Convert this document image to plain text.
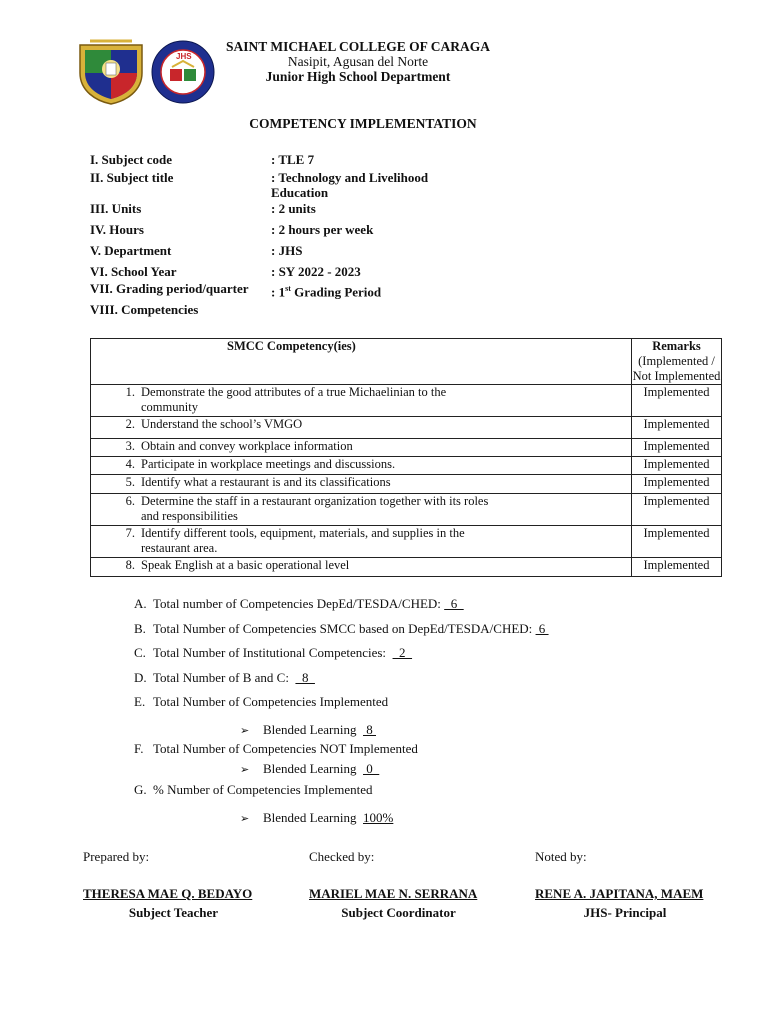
JHS
SAINT MICHAEL COLLEGE OF CARAGA
Nasipit, Agusan del Norte
Junior High School Department
COMPETENCY IMPLEMENTATION
I. Subject code	: TLE 7
II. Subject title	: Technology and Livelihood Education
III. Units	: 2 units
IV. Hours	: 2 hours per week
V. Department	: JHS
VI. School Year	: SY 2022 - 2023
VII. Grading period/quarter : 1st Grading Period
VIII. Competencies
SMCC Competency(ies)	Remarks
(Implemented / Not Implemented

1. Demonstrate the good attributes of a true Michaelinian to the community	Implemented
2. Understand the school’s VMGO	Implemented
3. Obtain and convey workplace information	Implemented
4. Participate in workplace meetings and discussions.	Implemented
5. Identify what a restaurant is and its classifications	Implemented
6. Determine the staff in a restaurant organization together with its roles and responsibilities	Implemented
7. Identify different tools, equipment, materials, and supplies in the restaurant area.	Implemented
8. Speak English at a basic operational level	Implemented
A. Total number of Competencies DepEd/TESDA/CHED:   6
B. Total Number of Competencies SMCC based on DepEd/TESDA/CHED:  6
C. Total Number of Institutional Competencies:    2
D. Total Number of B and C:    8
E. Total Number of Competencies Implemented
➢ Blended Learning   8
F. Total Number of Competencies NOT Implemented
➢ Blended Learning   0
G. % Number of Competencies Implemented
➢ Blended Learning  100%
Prepared by:	Checked by:	Noted by:
THERESA MAE Q. BEDAYO	MARIEL MAE N. SERRANA	RENE A. JAPITANA, MAEM
Subject Teacher	Subject Coordinator	JHS- Principal
